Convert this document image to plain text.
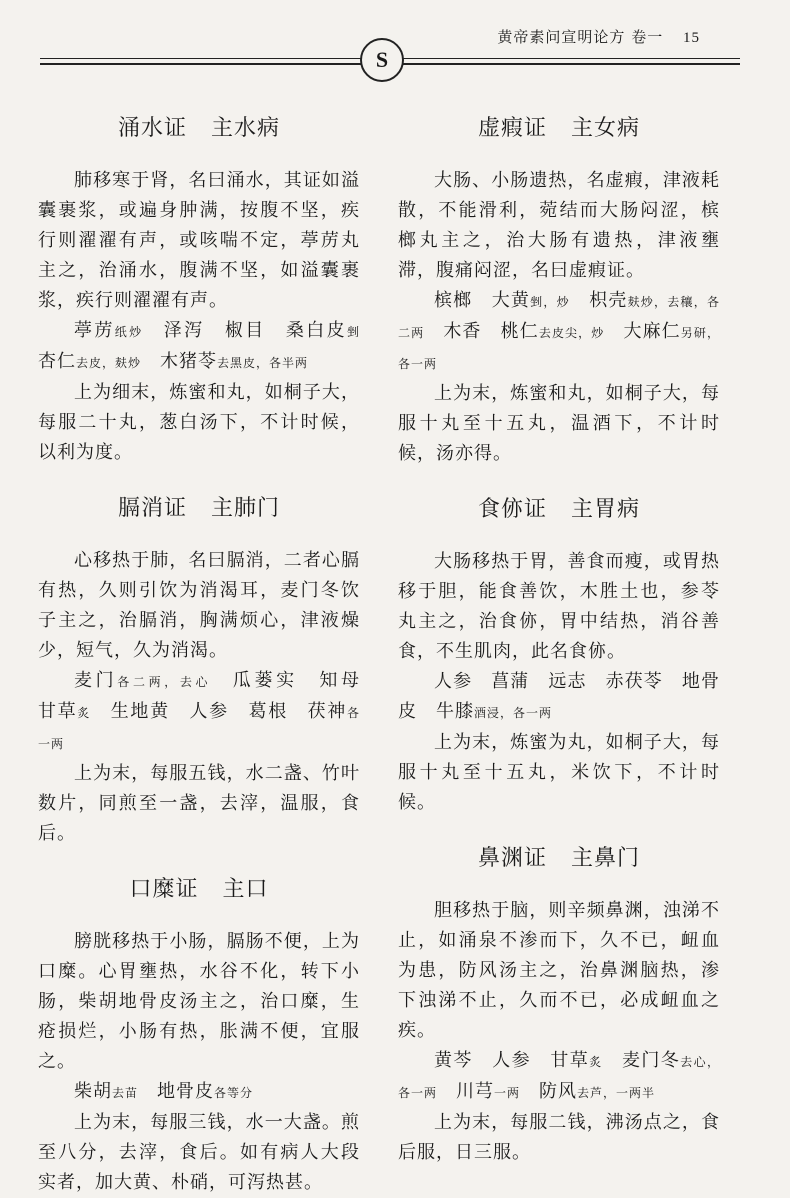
黄帝素问宣明论方 卷一 15
S
涌水证 主水病

肺移寒于肾，名曰涌水，其证如溢囊裹浆，或遍身肿满，按腹不坚，疾行则濯濯有声，或咳喘不定，葶苈丸主之，治涌水，腹满不坚，如溢囊裹浆，疾行则濯濯有声。

葶苈纸炒　泽泻　椒目　桑白皮剉杏仁去皮，麸炒　木猪苓去黑皮，各半两

上为细末，炼蜜和丸，如桐子大，每服二十丸，葱白汤下，不计时候，以利为度。

膈消证 主肺门

心移热于肺，名曰膈消，二者心膈有热，久则引饮为消渴耳，麦门冬饮子主之，治膈消，胸满烦心，津液燥少，短气，久为消渴。

麦门各二两，去心　瓜蒌实　知母　甘草炙　生地黄　人参　葛根　茯神各一两

上为末，每服五钱，水二盏、竹叶数片，同煎至一盏，去滓，温服，食后。

口糜证 主口

膀胱移热于小肠，膈肠不便，上为口糜。心胃壅热，水谷不化，转下小肠，柴胡地骨皮汤主之，治口糜，生疮损烂，小肠有热，胀满不便，宜服之。

柴胡去苗　地骨皮各等分

上为末，每服三钱，水一大盏。煎至八分，去滓，食后。如有病人大段实者，加大黄、朴硝，可泻热甚。

虚瘕证 主女病

大肠、小肠遗热，名虚瘕，津液耗散，不能滑利，菀结而大肠闷涩，槟榔丸主之，治大肠有遗热，津液壅滞，腹痛闷涩，名曰虚瘕证。

槟榔　大黄剉，炒　枳壳麸炒，去穰，各二两　木香　桃仁去皮尖，炒　大麻仁另研，各一两

上为末，炼蜜和丸，如桐子大，每服十丸至十五丸，温酒下，不计时候，汤亦得。

食㑊证 主胃病

大肠移热于胃，善食而瘦，或胃热移于胆，能食善饮，木胜土也，参苓丸主之，治食㑊，胃中结热，消谷善食，不生肌肉，此名食㑊。

人参　菖蒲　远志　赤茯苓　地骨皮　牛膝酒浸，各一两

上为末，炼蜜为丸，如桐子大，每服十丸至十五丸，米饮下，不计时候。

鼻渊证 主鼻门

胆移热于脑，则辛频鼻渊，浊涕不止，如涌泉不渗而下，久不已，衄血为患，防风汤主之，治鼻渊脑热，渗下浊涕不止，久而不已，必成衄血之疾。

黄芩　人参　甘草炙　麦门冬去心，各一两　川芎一两　防风去芦，一两半

上为末，每服二钱，沸汤点之，食后服，日三服。
